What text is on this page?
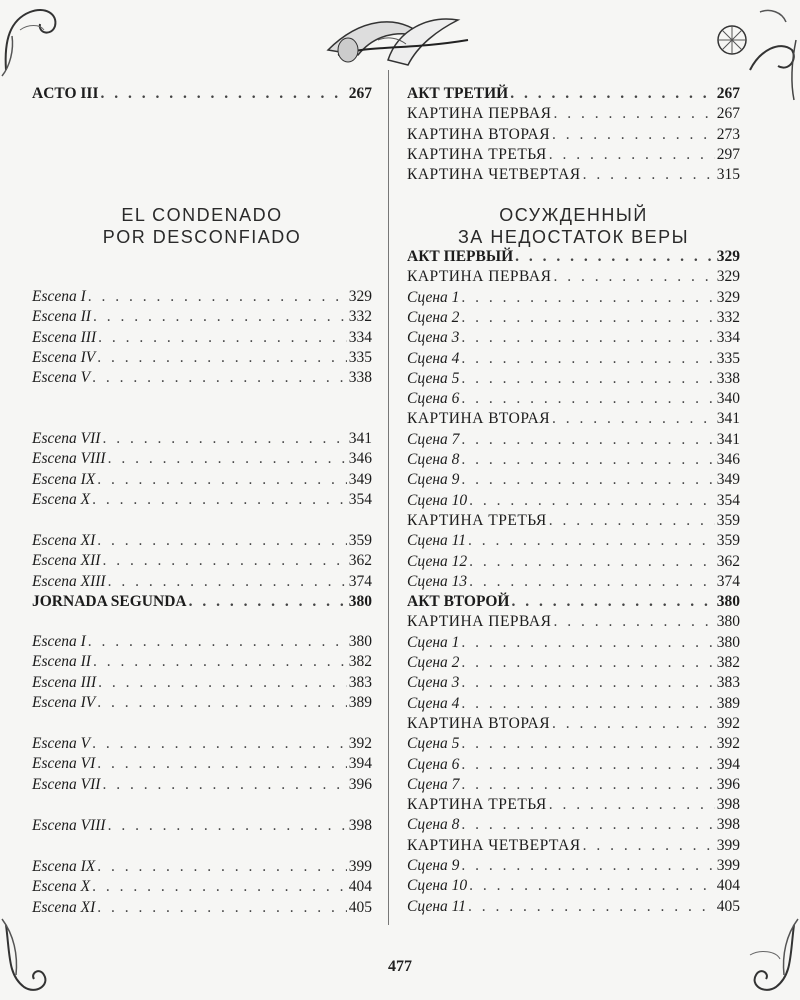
ACTO III . . .	267
EL CONDENADO
POR DESCONFIADO
Escena I . . .	329
Escena II . . .	332
Escena III . . .	334
Escena IV . . .	335
Escena V . . .	338
Escena VII . . .	341
Escena VIII . . .	346
Escena IX . . .	349
Escena X . . .	354
Escena XI . . .	359
Escena XII . . .	362
Escena XIII . . .	374
JORNADA SEGUNDA . . .	380
Escena I . . .	380
Escena II . . .	382
Escena III . . .	383
Escena IV . . .	389
Escena V . . .	392
Escena VI . . .	394
Escena VII . . .	396
Escena VIII . . .	398
Escena IX . . .	399
Escena X . . .	404
Escena XI . . .	405
АКТ ТРЕТИЙ . . .	267
КАРТИНА ПЕРВАЯ . . .	267
КАРТИНА ВТОРАЯ . . .	273
КАРТИНА ТРЕТЬЯ . . .	297
КАРТИНА ЧЕТВЕРТАЯ . . .	315
ОСУЖДЕННЫЙ
ЗА НЕДОСТАТОК ВЕРЫ
АКТ ПЕРВЫЙ . . .	329
КАРТИНА ПЕРВАЯ . . .	329
Сцена 1 . . .	329
Сцена 2 . . .	332
Сцена 3 . . .	334
Сцена 4 . . .	335
Сцена 5 . . .	338
Сцена 6 . . .	340
КАРТИНА ВТОРАЯ . . .	341
Сцена 7 . . .	341
Сцена 8 . . .	346
Сцена 9 . . .	349
Сцена 10 . . .	354
КАРТИНА ТРЕТЬЯ . . .	359
Сцена 11 . . .	359
Сцена 12 . . .	362
Сцена 13 . . .	374
АКТ ВТОРОЙ . . .	380
КАРТИНА ПЕРВАЯ . . .	380
Сцена 1 . . .	380
Сцена 2 . . .	382
Сцена 3 . . .	383
Сцена 4 . . .	389
КАРТИНА ВТОРАЯ . . .	392
Сцена 5 . . .	392
Сцена 6 . . .	394
Сцена 7 . . .	396
КАРТИНА ТРЕТЬЯ . . .	398
Сцена 8 . . .	398
КАРТИНА ЧЕТВЕРТАЯ . . .	399
Сцена 9 . . .	399
Сцена 10 . . .	404
Сцена 11 . . .	405
477
